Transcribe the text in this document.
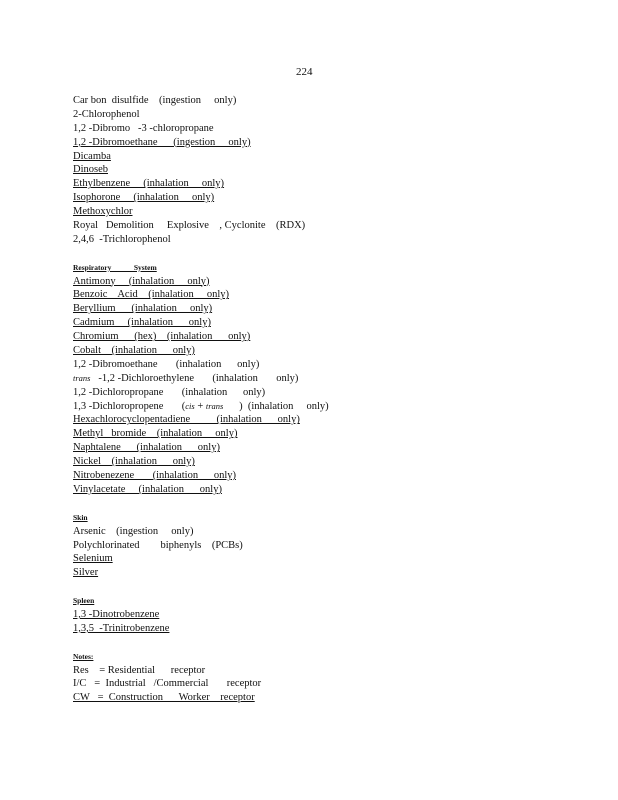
224
Car bon  disulfide    (ingestion     only)
2-Chlorophenol
1,2 -Dibromo   -3 -chloropropane
1,2 -Dibromoethane      (ingestion     only)
Dicamba
Dinoseb
Ethylbenzene     (inhalation     only)
Isophorone     (inhalation     only)
Methoxychlor
Royal   Demolition     Explosive    , Cyclonite    (RDX)
2,4,6  -Trichlorophenol
Respiratory            System
Antimony     (inhalation     only)
Benzoic    Acid    (inhalation     only)
Beryllium      (inhalation     only)
Cadmium     (inhalation      only)
Chromium      (hex)    (inhalation      only)
Cobalt    (inhalation      only)
1,2 -Dibromoethane       (inhalation      only)
trans   -1,2 -Dichloroethylene       (inhalation       only)
1,2 -Dichloropropane       (inhalation      only)
1,3 -Dichloropropene       (cis + trans      )  (inhalation     only)
Hexachlorocyclopentadiene          (inhalation      only)
Methyl   bromide    (inhalation     only)
Naphtalene      (inhalation      only)
Nickel    (inhalation      only)
Nitrobenezene       (inhalation      only)
Vinylacetate     (inhalation      only)
Skin
Arsenic    (ingestion     only)
Polychlorinated        biphenyls    (PCBs)
Selenium
Silver
Spleen
1,3 -Dinotrobenzene
1,3,5  -Trinitrobenzene
Notes:
Res    = Residential      receptor
I/C   =  Industrial   /Commercial       receptor
CW   =  Construction      Worker    receptor
